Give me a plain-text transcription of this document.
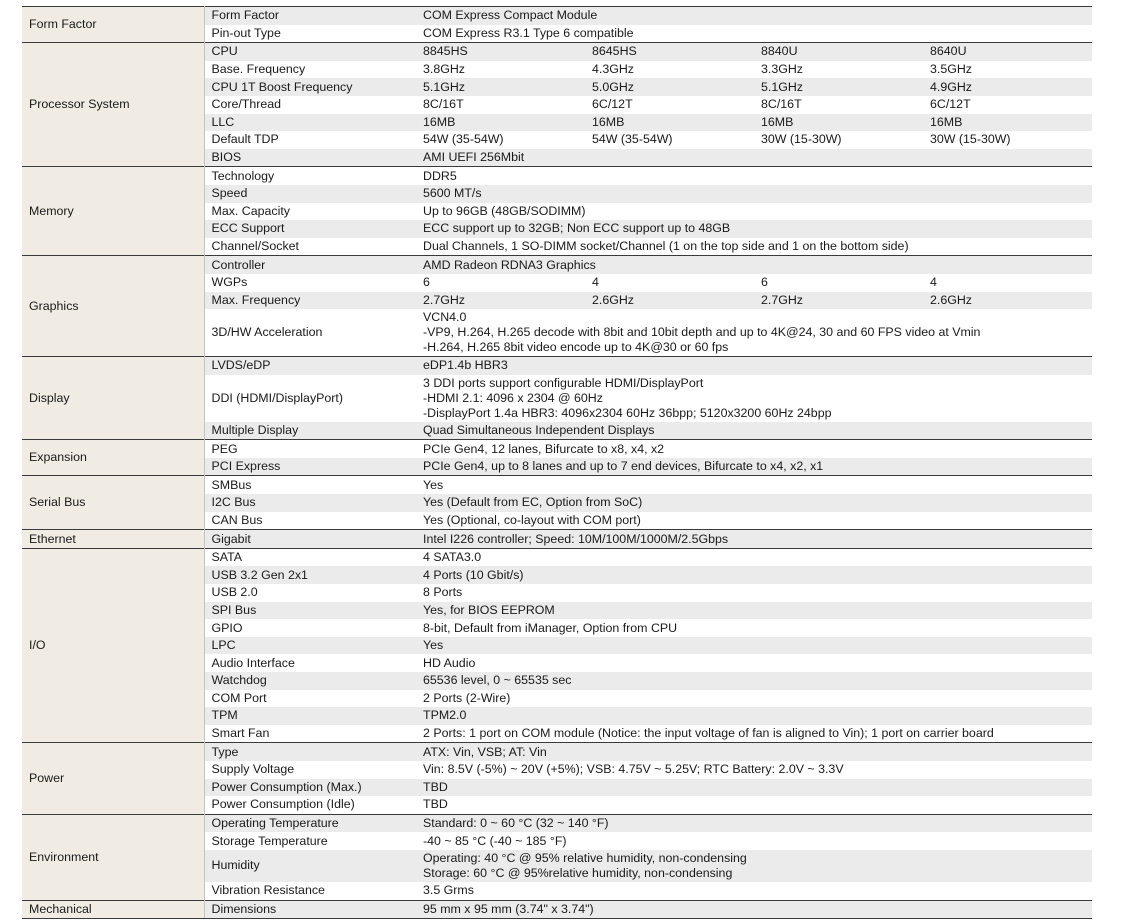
Form Factor	Form Factor	COM Express Compact Module			
	Pin-out Type	COM Express R3.1 Type 6 compatible			
Processor System	CPU	8845HS	8645HS	8840U	8640U
	Base. Frequency	3.8GHz	4.3GHz	3.3GHz	3.5GHz
	CPU 1T Boost Frequency	5.1GHz	5.0GHz	5.1GHz	4.9GHz
	Core/Thread	8C/16T	6C/12T	8C/16T	6C/12T
	LLC	16MB	16MB	16MB	16MB
	Default TDP	54W (35-54W)	54W (35-54W)	30W (15-30W)	30W (15-30W)
	BIOS	AMI UEFI 256Mbit			
Memory	Technology	DDR5			
	Speed	5600 MT/s			
	Max. Capacity	Up to 96GB (48GB/SODIMM)			
	ECC Support	ECC support up to 32GB; Non ECC support up to 48GB			
	Channel/Socket	Dual Channels, 1 SO-DIMM socket/Channel (1 on the top side and 1 on the bottom side)			
Graphics	Controller	AMD Radeon RDNA3 Graphics			
	WGPs	6	4	6	4
	Max. Frequency	2.7GHz	2.6GHz	2.7GHz	2.6GHz
	3D/HW Acceleration	VCN4.0
-VP9, H.264, H.265 decode with 8bit and 10bit depth and up to 4K@24, 30 and 60 FPS video at Vmin
-H.264, H.265 8bit video encode up to 4K@30 or 60 fps			

Display	LVDS/eDP	eDP1.4b HBR3			
	DDI (HDMI/DisplayPort)	3 DDI ports support configurable HDMI/DisplayPort
-HDMI 2.1: 4096 x 2304 @ 60Hz
-DisplayPort 1.4a HBR3: 4096x2304 60Hz 36bpp; 5120x3200 60Hz 24bpp			

	Multiple Display	Quad Simultaneous Independent Displays			
Expansion	PEG	PCIe Gen4, 12 lanes, Bifurcate to x8, x4, x2			
	PCI Express	PCIe Gen4, up to 8 lanes and up to 7 end devices, Bifurcate to x4, x2, x1			
Serial Bus	SMBus	Yes			
	I2C Bus	Yes (Default from EC, Option from SoC)			
	CAN Bus	Yes (Optional, co-layout with COM port)			
Ethernet	Gigabit	Intel I226 controller; Speed: 10M/100M/1000M/2.5Gbps			
I/O	SATA	4 SATA3.0			
	USB 3.2 Gen 2x1	4 Ports (10 Gbit/s)			
	USB 2.0	8 Ports			
	SPI Bus	Yes, for BIOS EEPROM			
	GPIO	8-bit, Default from iManager, Option from CPU			
	LPC	Yes			
	Audio Interface	HD Audio			
	Watchdog	65536 level, 0 ~ 65535 sec			
	COM Port	2 Ports (2-Wire)			
	TPM	TPM2.0			
	Smart Fan	2 Ports: 1 port on COM module (Notice: the input voltage of fan is aligned to Vin); 1 port on carrier board			
Power	Type	ATX: Vin, VSB; AT: Vin			
	Supply Voltage	Vin: 8.5V (-5%) ~ 20V (+5%); VSB: 4.75V ~ 5.25V; RTC Battery: 2.0V ~ 3.3V			
	Power Consumption (Max.)	TBD			
	Power Consumption (Idle)	TBD			
Environment	Operating Temperature	Standard: 0 ~ 60 °C (32 ~ 140 °F)			
	Storage Temperature	-40 ~ 85 °C (-40 ~ 185 °F)			
	Humidity	Operating: 40 °C @ 95% relative humidity, non-condensing
Storage: 60 °C @ 95%relative humidity, non-condensing			

	Vibration Resistance	3.5 Grms			
Mechanical	Dimensions	95 mm x 95 mm (3.74" x 3.74")			
